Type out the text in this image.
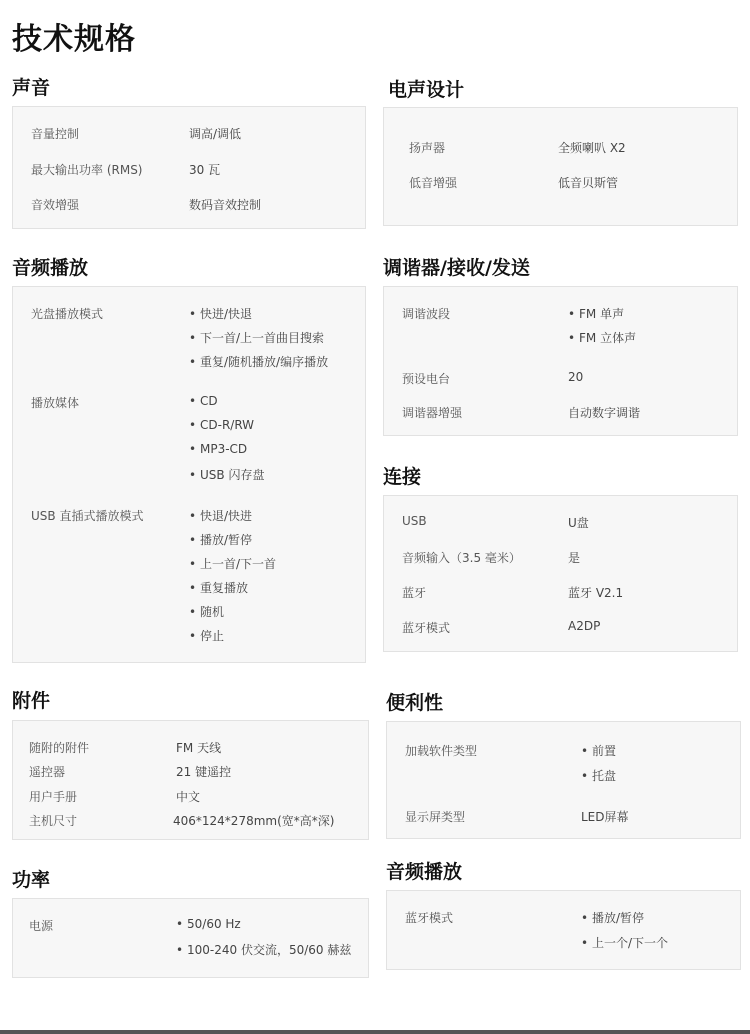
技术规格
声音
音量控制	调高/调低
最大输出功率 (RMS)	30 瓦
音效增强	数码音效控制
音频播放
光盘播放模式	• 快进/快退
• 下一首/上一首曲目搜索
• 重复/随机播放/编序播放
播放媒体	• CD
• CD-R/RW
• MP3-CD
• USB 闪存盘
USB 直插式播放模式	• 快退/快进
• 播放/暂停
• 上一首/下一首
• 重复播放
• 随机
• 停止
附件
随附的附件	FM 天线
遥控器	21 键遥控
用户手册	中文
主机尺寸	406*124*278mm(宽*高*深)
功率
电源	• 50/60 Hz
• 100-240 伏交流，50/60 赫兹
电声设计
扬声器	全频喇叭 X2
低音增强	低音贝斯管
调谐器/接收/发送
调谐波段	• FM 单声
• FM 立体声
预设电台	20
调谐器增强	自动数字调谐
连接
USB	U盘
音频输入（3.5 毫米）	是
蓝牙	蓝牙 V2.1
蓝牙模式	A2DP
便利性
加载软件类型	• 前置
• 托盘
显示屏类型	LED屏幕
音频播放
蓝牙模式	• 播放/暂停
• 上一个/下一个
